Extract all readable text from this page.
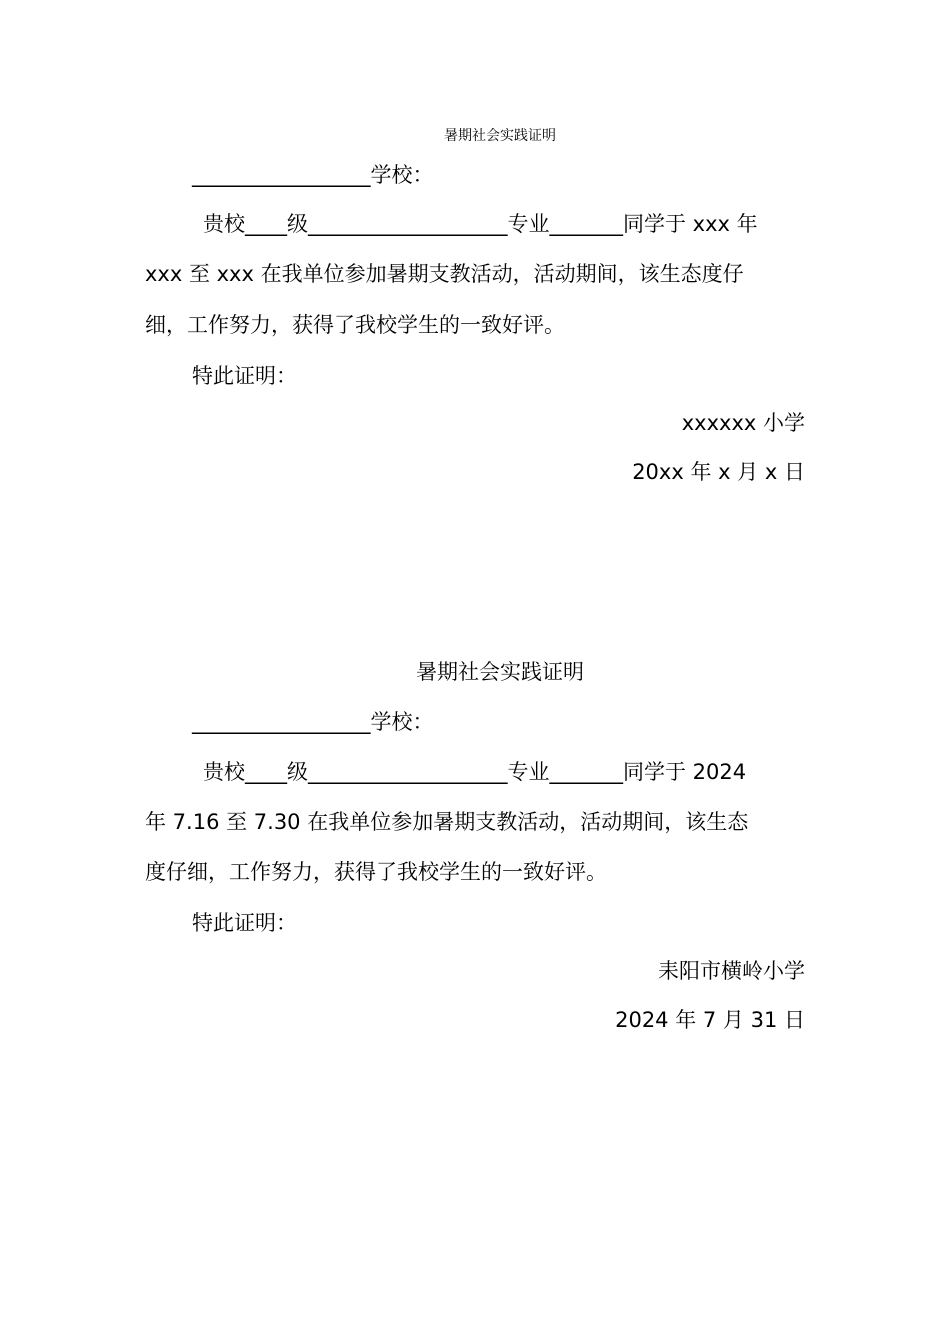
暑期社会实践证明
_________________学校：
贵校____级___________________专业_______同学于 xxx 年
xxx 至 xxx 在我单位参加暑期支教活动，活动期间，该生态度仔
细，工作努力，获得了我校学生的一致好评。
特此证明：
xxxxxx 小学
20xx 年 x 月 x 日
暑期社会实践证明
_________________学校：
贵校____级___________________专业_______同学于 2024
年 7.16 至 7.30 在我单位参加暑期支教活动，活动期间，该生态
度仔细，工作努力，获得了我校学生的一致好评。
特此证明：
耒阳市横岭小学
2024 年 7 月 31 日
